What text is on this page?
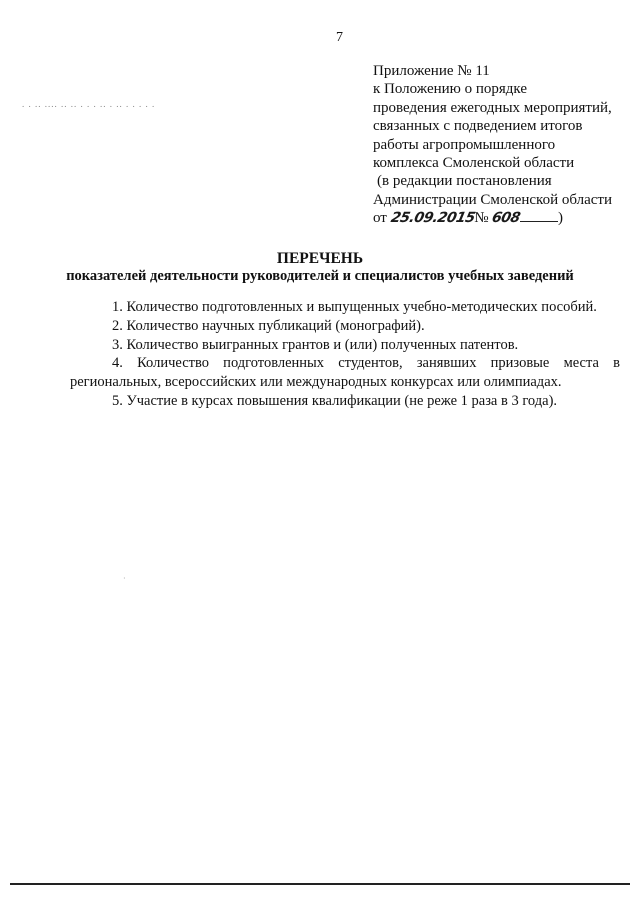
7
. . .. .... .. .. . . . .. . .. . . . . .
Приложение № 11
к Положению о порядке
проведения ежегодных мероприятий,
связанных с подведением итогов
работы агропромышленного
комплекса Смоленской области
(в редакции постановления
Администрации Смоленской области
от 25.09.2015№ 608 )
ПЕРЕЧЕНЬ
показателей деятельности руководителей и специалистов учебных заведений

1. Количество подготовленных и выпущенных учебно-методических пособий.

2. Количество научных публикаций (монографий).

3. Количество выигранных грантов и (или) полученных патентов.

4. Количество подготовленных студентов, занявших призовые места в региональных, всероссийских или международных конкурсах или олимпиадах.

5. Участие в курсах повышения квалификации (не реже 1 раза в 3 года).

·
